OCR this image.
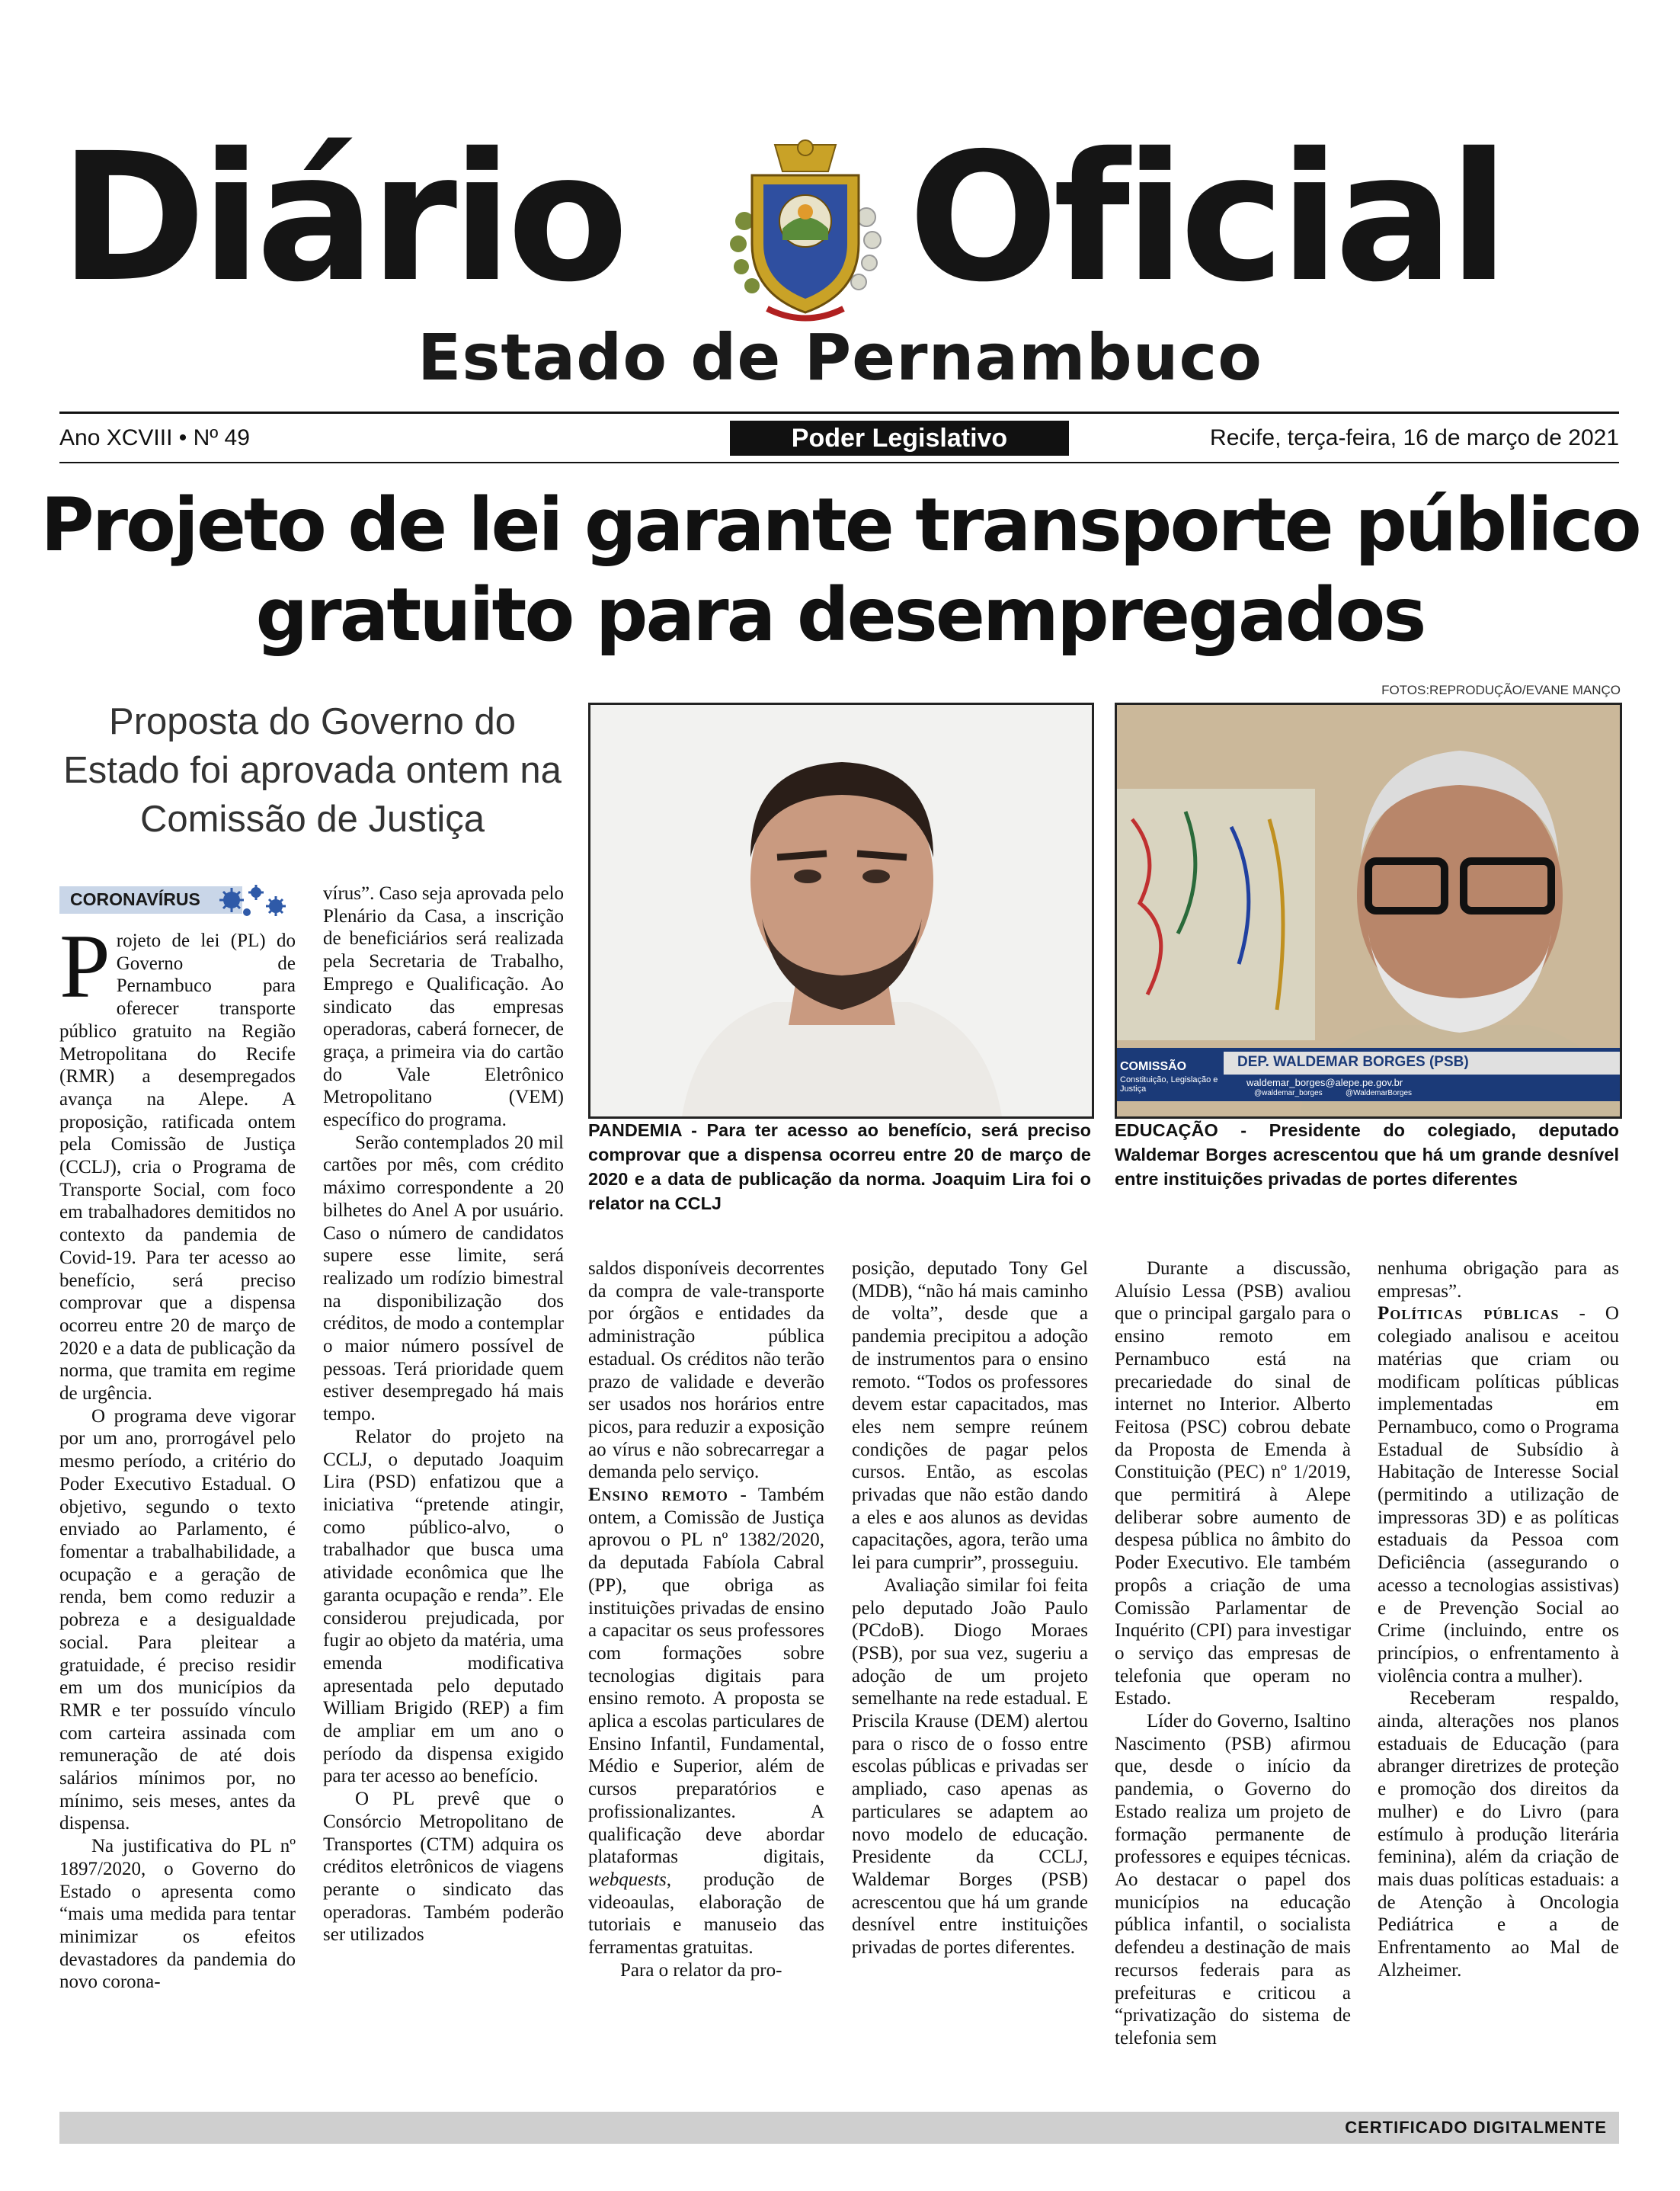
Diário Oficial
Estado de Pernambuco
Ano XCVIII • Nº 49	Poder Legislativo	Recife, terça-feira, 16 de março de 2021
Projeto de lei garante transporte público
gratuito para desempregados
FOTOS:REPRODUÇÃO/EVANE MANÇO
Proposta do Governo do Estado foi aprovada ontem na Comissão de Justiça
PANDEMIA - Para ter acesso ao benefício, será preciso comprovar que a dispensa ocorreu entre 20 de março de 2020 e a data de publicação da norma. Joaquim Lira foi o relator na CCLJ
COMISSÃO
Constituição, Legislação e Justiça
DEP. WALDEMAR BORGES (PSB)
waldemar_borges@alepe.pe.gov.br
@waldemar_borges	@WaldemarBorges
EDUCAÇÃO - Presidente do colegiado, deputado Waldemar Borges acrescentou que há um grande desnível entre instituições privadas de portes diferentes
CORONAVÍRUS

Projeto de lei (PL) do Governo de Pernambuco para oferecer transporte público gratuito na Região Metropolitana do Recife (RMR) a desempregados avança na Alepe. A proposição, ratificada ontem pela Comissão de Justiça (CCLJ), cria o Programa de Transporte Social, com foco em trabalhadores demitidos no contexto da pandemia de Covid-19. Para ter acesso ao benefício, será preciso comprovar que a dispensa ocorreu entre 20 de março de 2020 e a data de publicação da norma, que tramita em regime de urgência.

O programa deve vigorar por um ano, prorrogável pelo mesmo período, a critério do Poder Executivo Estadual. O objetivo, segundo o texto enviado ao Parlamento, é fomentar a trabalhabilidade, a ocupação e a geração de renda, bem como reduzir a pobreza e a desigualdade social. Para pleitear a gratuidade, é preciso residir em um dos municípios da RMR e ter possuído vínculo com carteira assinada com remuneração de até dois salários mínimos por, no mínimo, seis meses, antes da dispensa.

Na justificativa do PL nº 1897/2020, o Governo do Estado o apresenta como “mais uma medida para tentar minimizar os efeitos devastadores da pandemia do novo corona-

vírus”. Caso seja aprovada pelo Plenário da Casa, a inscrição de beneficiários será realizada pela Secretaria de Trabalho, Emprego e Qualificação. Ao sindicato das empresas operadoras, caberá fornecer, de graça, a primeira via do cartão do Vale Eletrônico Metropolitano (VEM) específico do programa.

Serão contemplados 20 mil cartões por mês, com crédito máximo correspondente a 20 bilhetes do Anel A por usuário. Caso o número de candidatos supere esse limite, será realizado um rodízio bimestral na disponibilização dos créditos, de modo a contemplar o maior número possível de pessoas. Terá prioridade quem estiver desempregado há mais tempo.

Relator do projeto na CCLJ, o deputado Joaquim Lira (PSD) enfatizou que a iniciativa “pretende atingir, como público-alvo, o trabalhador que busca uma atividade econômica que lhe garanta ocupação e renda”. Ele considerou prejudicada, por fugir ao objeto da matéria, uma emenda modificativa apresentada pelo deputado William Brigido (REP) a fim de ampliar em um ano o período da dispensa exigido para ter acesso ao benefício.

O PL prevê que o Consórcio Metropolitano de Transportes (CTM) adquira os créditos eletrônicos de viagens perante o sindicato das operadoras. Também poderão ser utilizados

saldos disponíveis decorrentes da compra de vale-transporte por órgãos e entidades da administração pública estadual. Os créditos não terão prazo de validade e deverão ser usados nos horários entre picos, para reduzir a exposição ao vírus e não sobrecarregar a demanda pelo serviço.

Ensino remoto - Também ontem, a Comissão de Justiça aprovou o PL nº 1382/2020, da deputada Fabíola Cabral (PP), que obriga as instituições privadas de ensino a capacitar os seus professores com formações sobre tecnologias digitais para ensino remoto. A proposta se aplica a escolas particulares de Ensino Infantil, Fundamental, Médio e Superior, além de cursos preparatórios e profissionalizantes. A qualificação deve abordar plataformas digitais, webquests, produção de videoaulas, elaboração de tutoriais e manuseio das ferramentas gratuitas.

Para o relator da pro-

posição, deputado Tony Gel (MDB), “não há mais caminho de volta”, desde que a pandemia precipitou a adoção de instrumentos para o ensino remoto. “Todos os professores devem estar capacitados, mas eles nem sempre reúnem condições de pagar pelos cursos. Então, as escolas privadas que não estão dando a eles e aos alunos as devidas capacitações, agora, terão uma lei para cumprir”, prosseguiu.

Avaliação similar foi feita pelo deputado João Paulo (PCdoB). Diogo Moraes (PSB), por sua vez, sugeriu a adoção de um projeto semelhante na rede estadual. E Priscila Krause (DEM) alertou para o risco de o fosso entre escolas públicas e privadas ser ampliado, caso apenas as particulares se adaptem ao novo modelo de educação. Presidente da CCLJ, Waldemar Borges (PSB) acrescentou que há um grande desnível entre instituições privadas de portes diferentes.

Durante a discussão, Aluísio Lessa (PSB) avaliou que o principal gargalo para o ensino remoto em Pernambuco está na precariedade do sinal de internet no Interior. Alberto Feitosa (PSC) cobrou debate da Proposta de Emenda à Constituição (PEC) nº 1/2019, que permitirá à Alepe deliberar sobre aumento de despesa pública no âmbito do Poder Executivo. Ele também propôs a criação de uma Comissão Parlamentar de Inquérito (CPI) para investigar o serviço das empresas de telefonia que operam no Estado.

Líder do Governo, Isaltino Nascimento (PSB) afirmou que, desde o início da pandemia, o Governo do Estado realiza um projeto de formação permanente de professores e equipes técnicas. Ao destacar o papel dos municípios na educação pública infantil, o socialista defendeu a destinação de mais recursos federais para as prefeituras e criticou a “privatização do sistema de telefonia sem

nenhuma obrigação para as empresas”.

Políticas públicas - O colegiado analisou e aceitou matérias que criam ou modificam políticas públicas implementadas em Pernambuco, como o Programa Estadual de Subsídio à Habitação de Interesse Social (permitindo a utilização de impressoras 3D) e as políticas estaduais da Pessoa com Deficiência (assegurando o acesso a tecnologias assistivas) e de Prevenção Social ao Crime (incluindo, entre os princípios, o enfrentamento à violência contra a mulher).

Receberam respaldo, ainda, alterações nos planos estaduais de Educação (para abranger diretrizes de proteção e promoção dos direitos da mulher) e do Livro (para estímulo à produção literária feminina), além da criação de mais duas políticas estaduais: a de Atenção à Oncologia Pediátrica e a de Enfrentamento ao Mal de Alzheimer.

CERTIFICADO DIGITALMENTE
